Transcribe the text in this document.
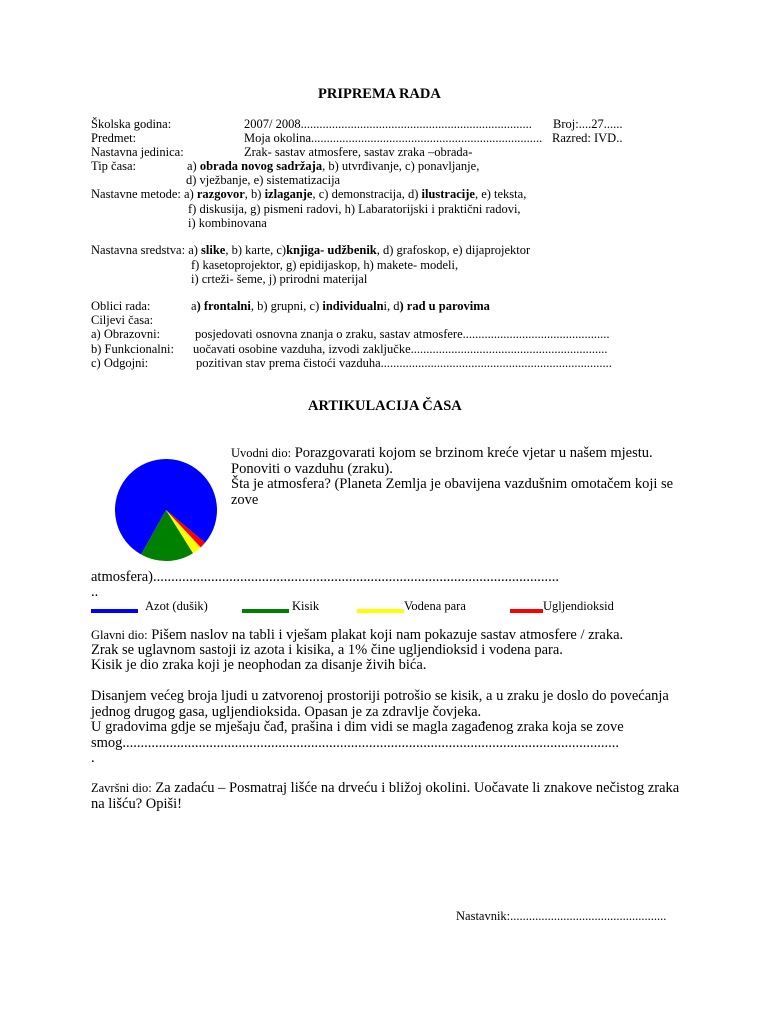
PRIPREMA RADA
Školska godina:	2007/ 2008.......................................................................... Broj:....27......
Predmet:	Moja okolina.......................................................................... Razred: IVD..
Nastavna jedinica:	Zrak- sastav atmosfere, sastav zraka –obrada-
Tip časa:	a) obrada novog sadržaja, b) utvrđivanje, c) ponavljanje,
d) vježbanje, e) sistematizacija
Nastavne metode: a) razgovor, b) izlaganje, c) demonstracija, d) ilustracije, e) teksta,
f) diskusija, g) pismeni radovi, h) Labaratorijski i praktični radovi,
i) kombinovana
Nastavna sredstva: a) slike, b) karte, c)knjiga- udžbenik, d) grafoskop, e) dijaprojektor
f) kasetoprojektor, g) epidijaskop, h) makete- modeli,
i) crteži- šeme, j) prirodni materijal
Oblici rada:	a) frontalni, b) grupni, c) individualni, d) rad u parovima
Ciljevi časa:
a) Obrazovni:	posjedovati osnovna znanja o zraku, sastav atmosfere...............................................
b) Funkcionalni: uočavati osobine vazduha, izvodi zaključke...............................................................
c) Odgojni:	pozitivan stav prema čistoći vazduha..........................................................................
ARTIKULACIJA ČASA
Uvodni dio: Porazgovarati kojom se brzinom kreće vjetar u našem mjestu.
Ponoviti o vazduhu (zraku).
Šta je atmosfera? (Planeta Zemlja je obavijena vazdušnim omotačem koji se
zove
atmosfera)................................................................................................................
..
Azot (dušik)	Kisik	Vodena para	Ugljendioksid
Glavni dio: Pišem naslov na tabli i vješam plakat koji nam pokazuje sastav atmosfere / zraka.
Zrak se uglavnom sastoji iz azota i kisika, a 1% čine ugljendioksid i vodena para.
Kisik je dio zraka koji je neophodan za disanje živih bića.
Disanjem većeg broja ljudi u zatvorenoj prostoriji potrošio se kisik, a u zraku je doslo do povećanja
jednog drugog gasa, ugljendioksida. Opasan je za zdravlje čovjeka.
U gradovima gdje se mješaju čađ, prašina i dim vidi se magla zagađenog zraka koja se zove
smog.........................................................................................................................................
.
Završni dio: Za zadaću – Posmatraj lišće na drveću i bližoj okolini. Uočavate li znakove nečistog zraka
na lišću? Opiši!
Nastavnik:..................................................
